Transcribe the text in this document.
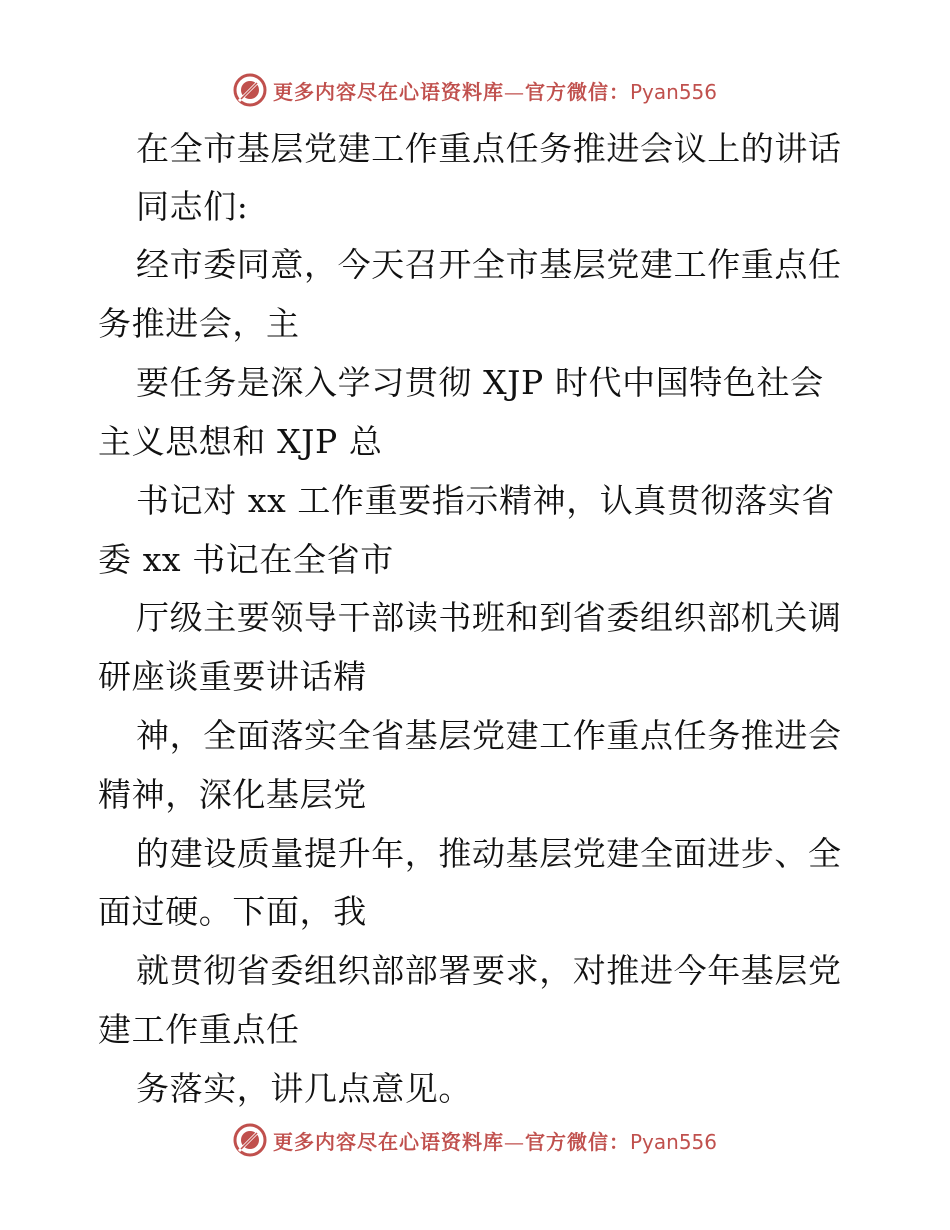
更多内容尽在心语资料库—官方微信：Pyan556
在全市基层党建工作重点任务推进会议上的讲话
同志们:
经市委同意，今天召开全市基层党建工作重点任
务推进会，主
要任务是深入学习贯彻 XJP 时代中国特色社会
主义思想和 XJP 总
书记对 xx 工作重要指示精神，认真贯彻落实省
委 xx 书记在全省市
厅级主要领导干部读书班和到省委组织部机关调
研座谈重要讲话精
神，全面落实全省基层党建工作重点任务推进会
精神，深化基层党
的建设质量提升年，推动基层党建全面进步、全
面过硬。下面，我
就贯彻省委组织部部署要求，对推进今年基层党
建工作重点任
务落实，讲几点意见。
更多内容尽在心语资料库—官方微信：Pyan556
